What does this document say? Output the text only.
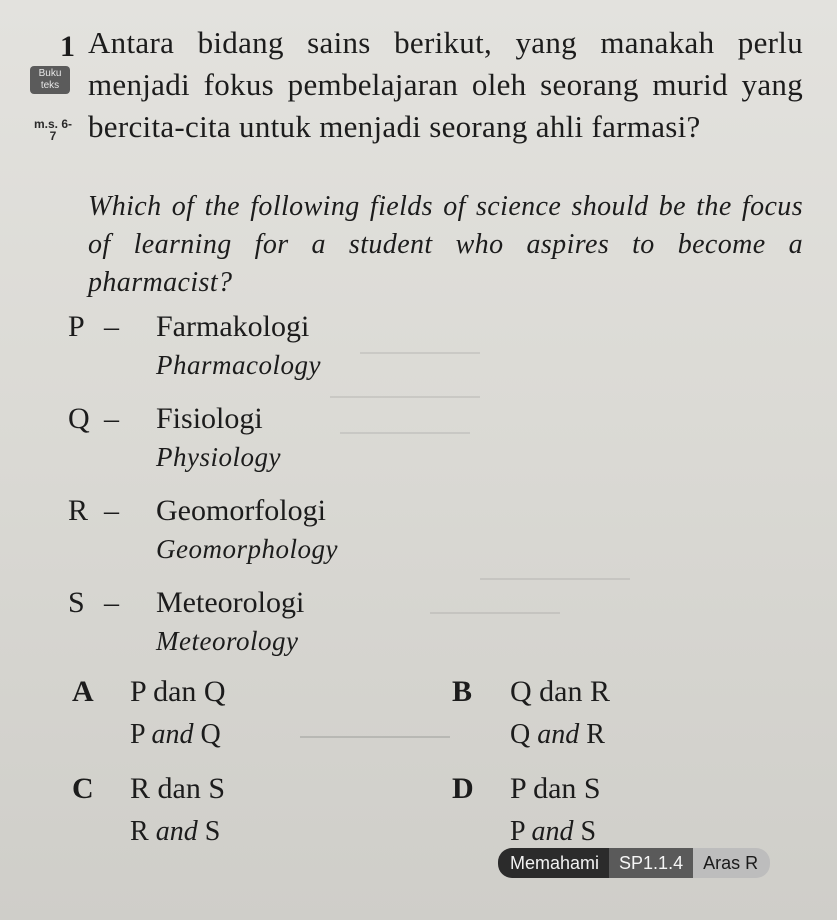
1
Buku teks
m.s. 6-7
Antara bidang sains berikut, yang manakah perlu menjadi fokus pembelajaran oleh seorang murid yang bercita-cita untuk menjadi seorang ahli farmasi?
Which of the following fields of science should be the focus of learning for a student who aspires to become a pharmacist?
P – Farmakologi
Pharmacology
Q – Fisiologi
Physiology
R – Geomorfologi
Geomorphology
S – Meteorologi
Meteorology
A P dan Q
P and Q
B Q dan R
Q and R
C R dan S
R and S
D P dan S
P and S
Memahami	SP1.1.4	Aras R
